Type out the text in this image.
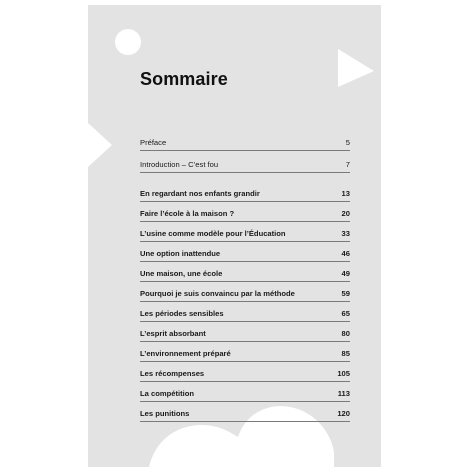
Sommaire
Préface	5
Introduction – C’est fou	7
En regardant nos enfants grandir	13
Faire l’école à la maison ?	20
L’usine comme modèle pour l’Éducation	33
Une option inattendue	46
Une maison, une école	49
Pourquoi je suis convaincu par la méthode	59
Les périodes sensibles	65
L’esprit absorbant	80
L’environnement préparé	85
Les récompenses	105
La compétition	113
Les punitions	120
